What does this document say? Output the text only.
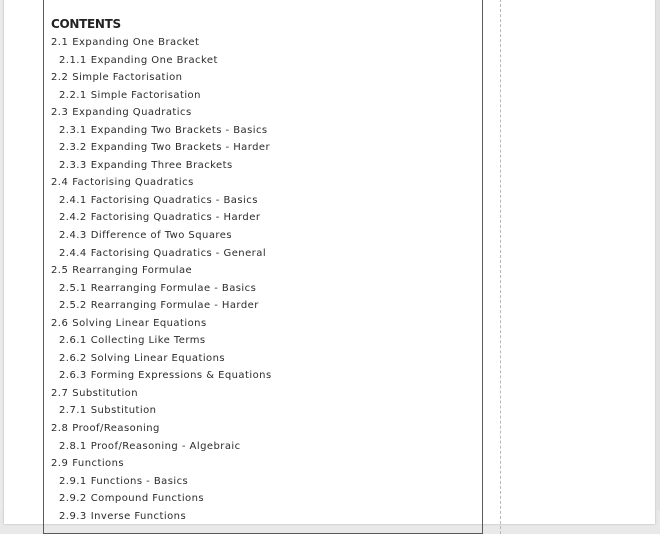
CONTENTS
2.1 Expanding One Bracket
2.1.1 Expanding One Bracket
2.2 Simple Factorisation
2.2.1 Simple Factorisation
2.3 Expanding Quadratics
2.3.1 Expanding Two Brackets - Basics
2.3.2 Expanding Two Brackets - Harder
2.3.3 Expanding Three Brackets
2.4 Factorising Quadratics
2.4.1 Factorising Quadratics - Basics
2.4.2 Factorising Quadratics - Harder
2.4.3 Difference of Two Squares
2.4.4 Factorising Quadratics - General
2.5 Rearranging Formulae
2.5.1 Rearranging Formulae - Basics
2.5.2 Rearranging Formulae - Harder
2.6 Solving Linear Equations
2.6.1 Collecting Like Terms
2.6.2 Solving Linear Equations
2.6.3 Forming Expressions & Equations
2.7 Substitution
2.7.1 Substitution
2.8 Proof/Reasoning
2.8.1 Proof/Reasoning - Algebraic
2.9 Functions
2.9.1 Functions - Basics
2.9.2 Compound Functions
2.9.3 Inverse Functions
